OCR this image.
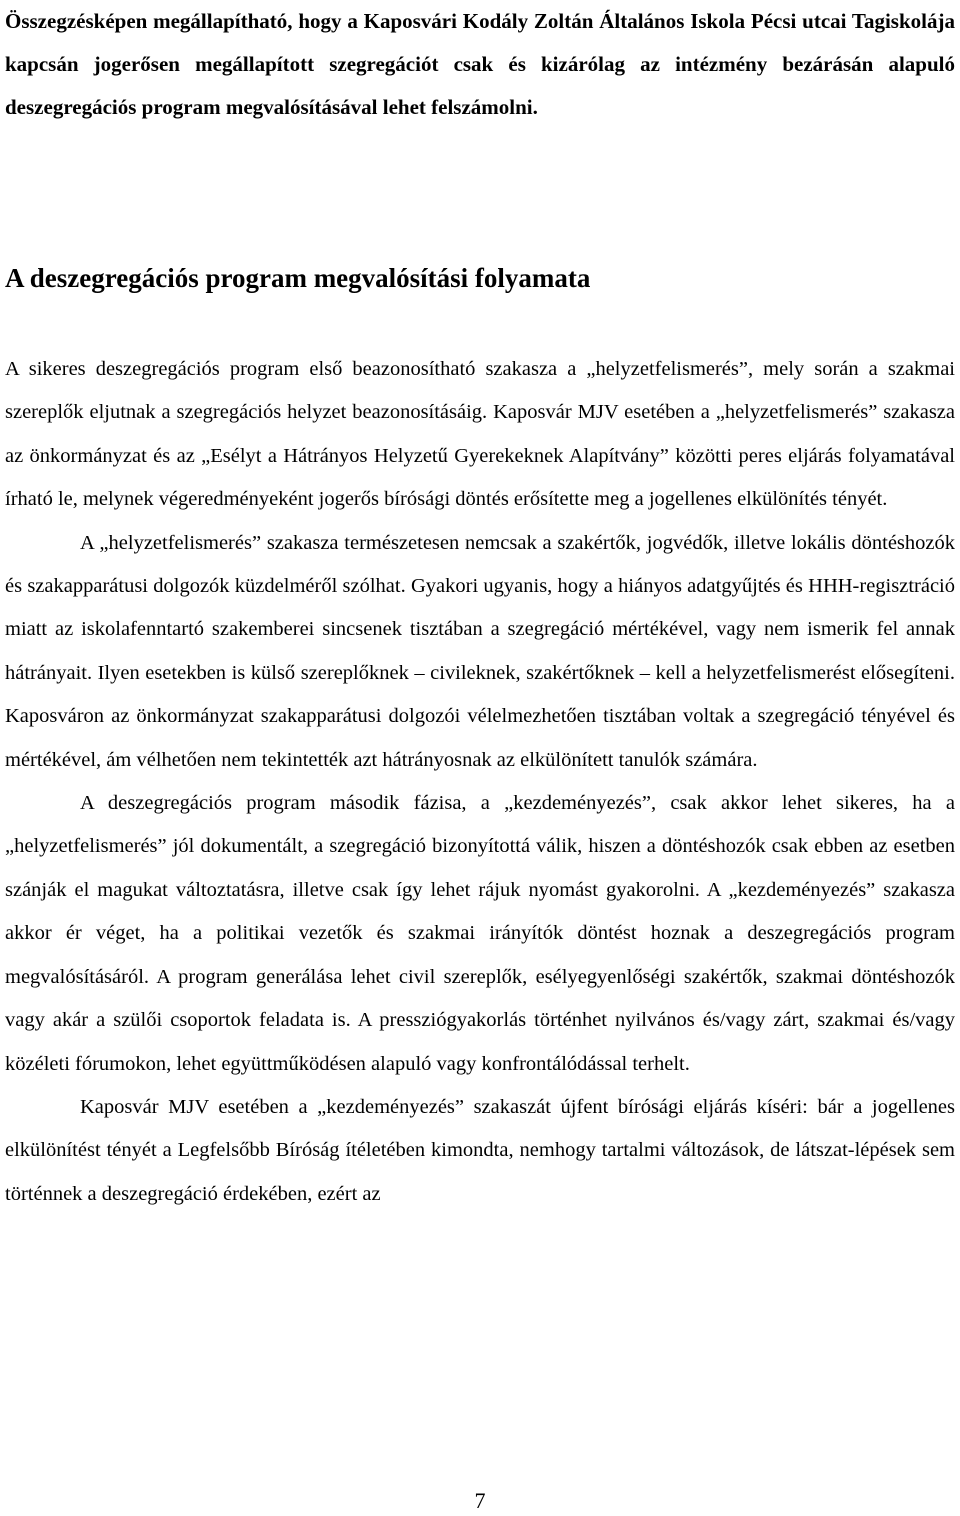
Összegzésképen megállapítható, hogy a Kaposvári Kodály Zoltán Általános Iskola Pécsi utcai Tagiskolája kapcsán jogerősen megállapított szegregációt csak és kizárólag az intézmény bezárásán alapuló deszegregációs program megvalósításával lehet felszámolni.

A deszegregációs program megvalósítási folyamata

A sikeres deszegregációs program első beazonosítható szakasza a „helyzetfelismerés”, mely során a szakmai szereplők eljutnak a szegregációs helyzet beazonosításáig. Kaposvár MJV esetében a „helyzetfelismerés” szakasza az önkormányzat és az „Esélyt a Hátrányos Helyzetű Gyerekeknek Alapítvány” közötti peres eljárás folyamatával írható le, melynek végeredményeként jogerős bírósági döntés erősítette meg a jogellenes elkülönítés tényét.

A „helyzetfelismerés” szakasza természetesen nemcsak a szakértők, jogvédők, illetve lokális döntéshozók és szakapparátusi dolgozók küzdelméről szólhat. Gyakori ugyanis, hogy a hiányos adatgyűjtés és HHH-regisztráció miatt az iskolafenntartó szakemberei sincsenek tisztában a szegregáció mértékével, vagy nem ismerik fel annak hátrányait. Ilyen esetekben is külső szereplőknek – civileknek, szakértőknek – kell a helyzetfelismerést elősegíteni. Kaposváron az önkormányzat szakapparátusi dolgozói vélelmezhetően tisztában voltak a szegregáció tényével és mértékével, ám vélhetően nem tekintették azt hátrányosnak az elkülönített tanulók számára.

A deszegregációs program második fázisa, a „kezdeményezés”, csak akkor lehet sikeres, ha a „helyzetfelismerés” jól dokumentált, a szegregáció bizonyítottá válik, hiszen a döntéshozók csak ebben az esetben szánják el magukat változtatásra, illetve csak így lehet rájuk nyomást gyakorolni. A „kezdeményezés” szakasza akkor ér véget, ha a politikai vezetők és szakmai irányítók döntést hoznak a deszegregációs program megvalósításáról. A program generálása lehet civil szereplők, esélyegyenlőségi szakértők, szakmai döntéshozók vagy akár a szülői csoportok feladata is. A pressziógyakorlás történhet nyilvános és/vagy zárt, szakmai és/vagy közéleti fórumokon, lehet együttműködésen alapuló vagy konfrontálódással terhelt.

Kaposvár MJV esetében a „kezdeményezés” szakaszát újfent bírósági eljárás kíséri: bár a jogellenes elkülönítést tényét a Legfelsőbb Bíróság ítéletében kimondta, nemhogy tartalmi változások, de látszat-lépések sem történnek a deszegregáció érdekében, ezért az

7
